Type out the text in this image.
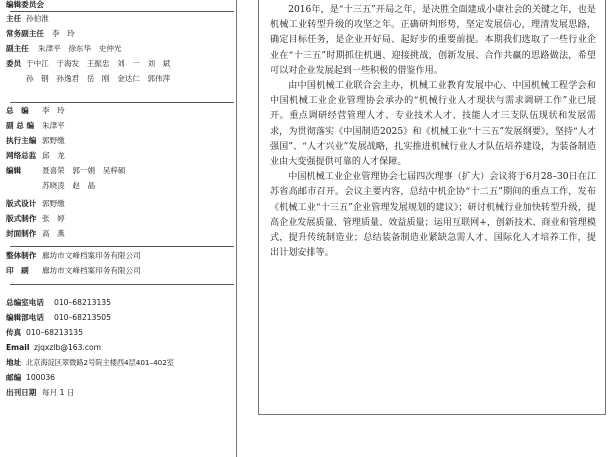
编辑委员会
主任 孙伯淮
常务副主任 李　玲
副主任 朱津平　徐东华　史仲光
委员 于中江　于海发　王振忠　刘　一　刘　斌
孙　钢　孙逸君　岳　刚　金达仁　郭伟萍
总　编 李　玲
副 总 编 朱津平
执行主编 郭野缴
网络总监 邱　龙
编辑	聂喜荣　郭一娟　吴梓硕
苏晓凌　赵　晶
版式设计 郭野缴
版式制作 张　婷
封面制作 高　燕
整体制作 廊坊市文峰档案印务有限公司
印　刷 廊坊市文峰档案印务有限公司
总编室电话 010–68213135
编辑部电话 010–68213505
传真 010–68213135
Email zjqxzlb@163.com
地址 北京海淀区翠微路2号院主楼西4层401–402室
邮编 100036
出刊日期 每月 1 日

2016年，是“十三五”开局之年，是决胜全面建成小康社会的关键之年，也是机械工业转型升级的攻坚之年。正确研判形势，坚定发展信心，理清发展思路，确定目标任务，是企业开好局、起好步的重要前提。本期我们选取了一些行业企业在“十三五”时期抓住机遇、迎接挑战，创新发展、合作共赢的思路做法，希望可以对企业发展起到一些积极的借鉴作用。

由中国机械工业联合会主办，机械工业教育发展中心、中国机械工程学会和中国机械工业企业管理协会承办的“机械行业人才现状与需求调研工作”业已展开。重点调研经营管理人才、专业技术人才、技能人才三支队伍现状和发展需求，为贯彻落实《中国制造2025》和《机械工业“十三五”发展纲要》，坚持“人才强国”、“人才兴业”发展战略，扎实推进机械行业人才队伍培养建设，为装备制造业由大变强提供可靠的人才保障。

中国机械工业企业管理协会七届四次理事（扩大）会议将于6月28–30日在江苏省高邮市召开。会议主要内容，总结中机企协“十二五”期间的重点工作，发布《机械工业“十三五”企业管理发展规划的建议》；研讨机械行业加快转型升级，提高企业发展质量、管理质量、效益质量；运用互联网+，创新技术、商业和管理模式，提升传统制造业；总结装备制造业紧缺急需人才、国际化人才培养工作，提出计划安排等。
